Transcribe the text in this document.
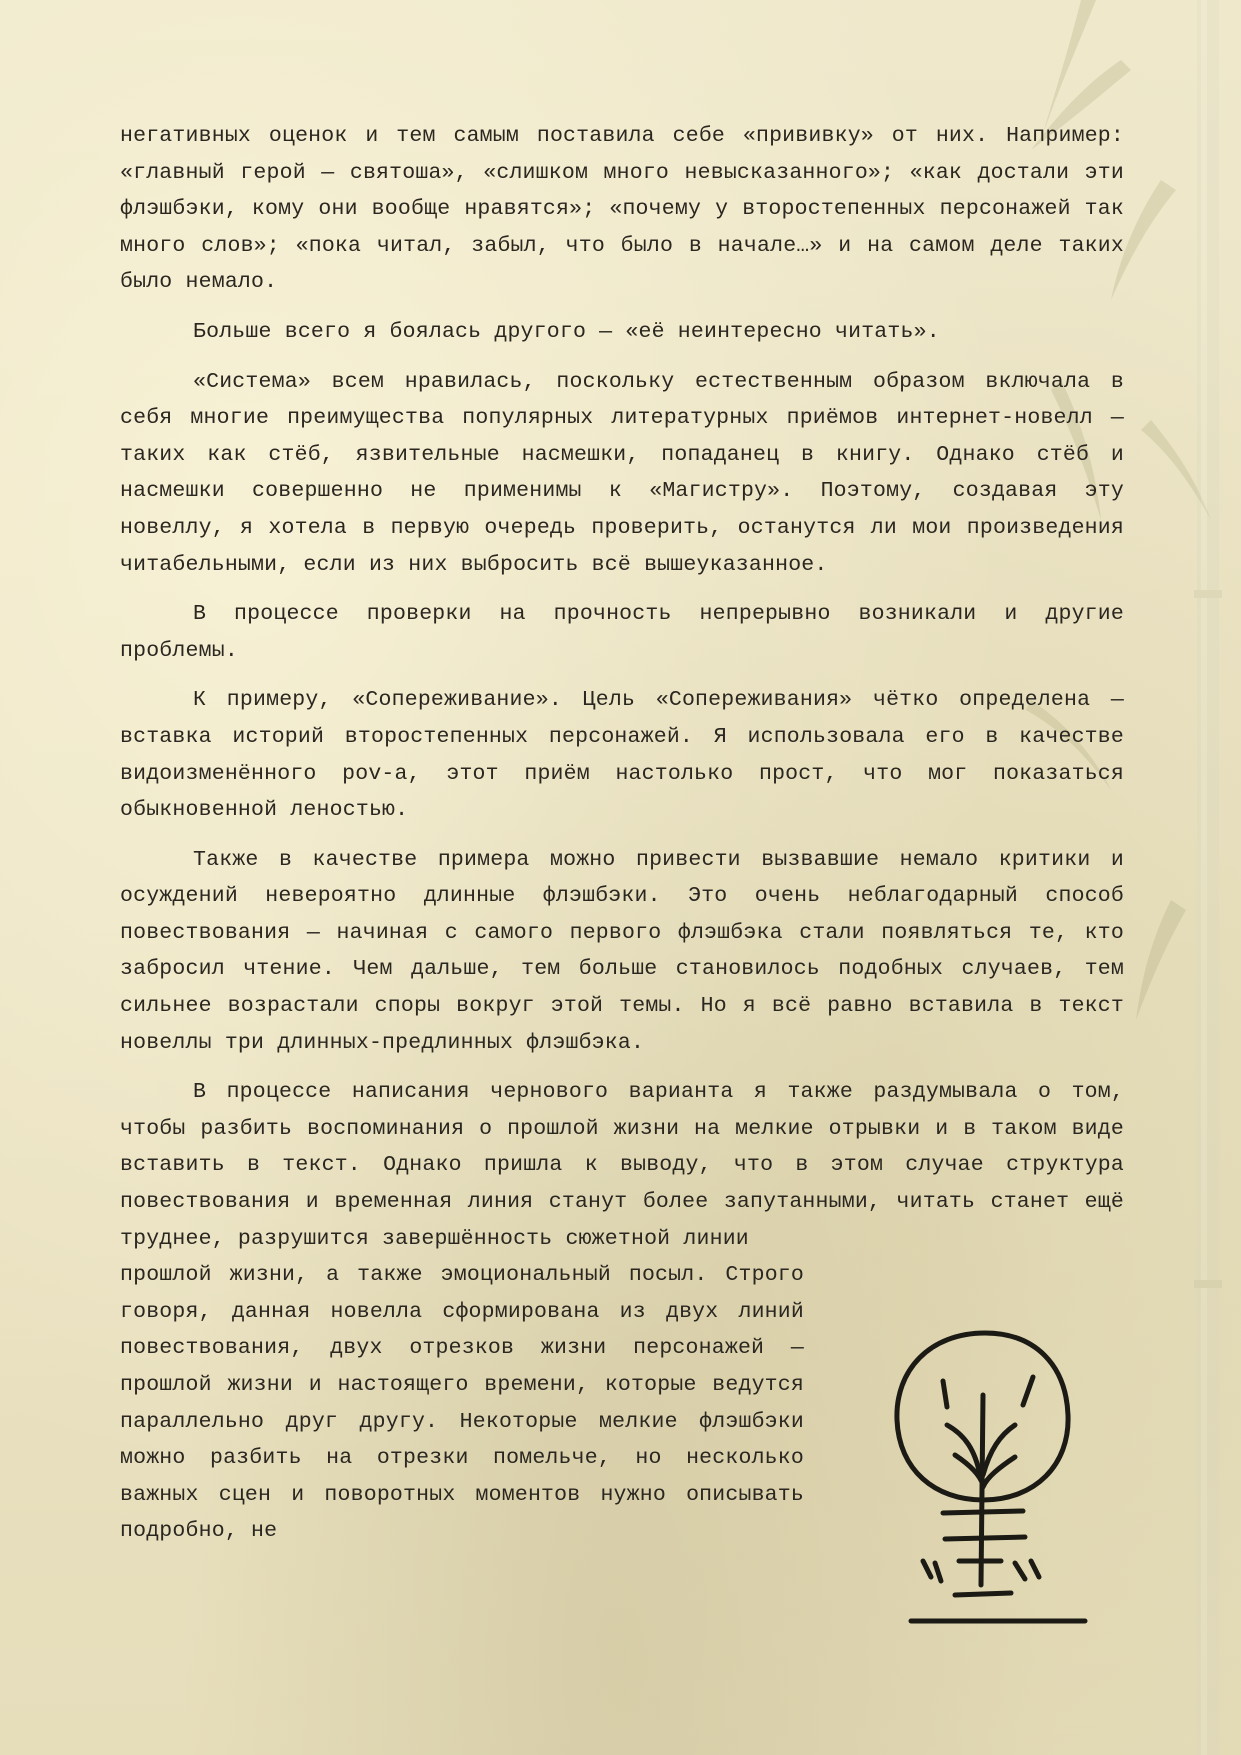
негативных оценок и тем самым поставила себе «прививку» от них. Например: «главный герой — святоша», «слишком много невысказанного»; «как достали эти флэшбэки, кому они вообще нравятся»; «почему у второстепенных персонажей так много слов»; «пока читал, забыл, что было в начале…» и на самом деле таких было немало.

Больше всего я боялась другого — «её неинтересно читать».

«Система» всем нравилась, поскольку естественным образом включала в себя многие преимущества популярных литературных приёмов интернет-новелл — таких как стёб, язвительные насмешки, попаданец в книгу. Однако стёб и насмешки совершенно не применимы к «Магистру». Поэтому, создавая эту новеллу, я хотела в первую очередь проверить, останутся ли мои произведения читабельными, если из них выбросить всё вышеуказанное.

В процессе проверки на прочность непрерывно возникали и другие проблемы.

К примеру, «Сопереживание». Цель «Сопереживания» чётко определена — вставка историй второстепенных персонажей. Я использовала его в качестве видоизменённого pov-a, этот приём настолько прост, что мог показаться обыкновенной леностью.

Также в качестве примера можно привести вызвавшие немало критики и осуждений невероятно длинные флэшбэки. Это очень неблагодарный способ повествования — начиная с самого первого флэшбэка стали появляться те, кто забросил чтение. Чем дальше, тем больше становилось подобных случаев, тем сильнее возрастали споры вокруг этой темы. Но я всё равно вставила в текст новеллы три длинных-предлинных флэшбэка.

В процессе написания чернового варианта я также раздумывала о том, чтобы разбить воспоминания о прошлой жизни на мелкие отрывки и в таком виде вставить в текст. Однако пришла к выводу, что в этом случае структура повествования и временная линия станут более запутанными, читать станет ещё труднее, разрушится завершённость сюжетной линии

прошлой жизни, а также эмоциональный посыл. Строго говоря, данная новелла сформирована из двух линий повествования, двух отрезков жизни персонажей — прошлой жизни и настоящего времени, которые ведутся параллельно друг другу. Некоторые мелкие флэшбэки можно разбить на отрезки помельче, но несколько важных сцен и поворотных моментов нужно описывать подробно, не
